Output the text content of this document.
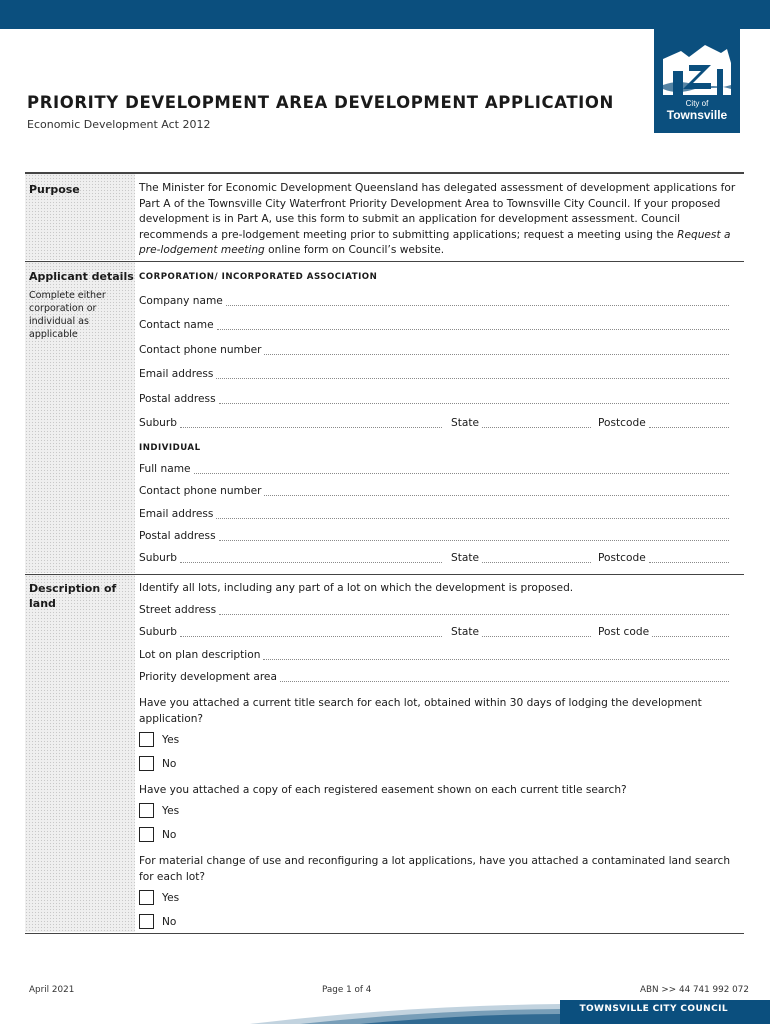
City of
Townsville
PRIORITY DEVELOPMENT AREA DEVELOPMENT APPLICATION
Economic Development Act 2012
Purpose	The Minister for Economic Development Queensland has delegated assessment of development applications for Part A of the Townsville City Waterfront Priority Development Area to Townsville City Council. If your proposed development is in Part A, use this form to submit an application for development assessment. Council recommends a pre-lodgement meeting prior to submitting applications; request a meeting using the Request a pre-lodgement meeting online form on Council’s website.
Applicant details
Complete either corporation or individual as applicable
CORPORATION/ INCORPORATED ASSOCIATION
Company name
Contact name
Contact phone number
Email address
Postal address
Suburb	State	Postcode
INDIVIDUAL
Full name
Contact phone number
Email address
Postal address
Suburb	State	Postcode
Description of land
Identify all lots, including any part of a lot on which the development is proposed.
Street address
Suburb	State	Post code
Lot on plan description
Priority development area
Have you attached a current title search for each lot, obtained within 30 days of lodging the development application?
Yes
No
Have you attached a copy of each registered easement shown on each current title search?
Yes
No
For material change of use and reconfiguring a lot applications, have you attached a contaminated land search for each lot?
Yes
No
April 2021	Page 1 of 4	ABN >> 44 741 992 072
TOWNSVILLE CITY COUNCIL
